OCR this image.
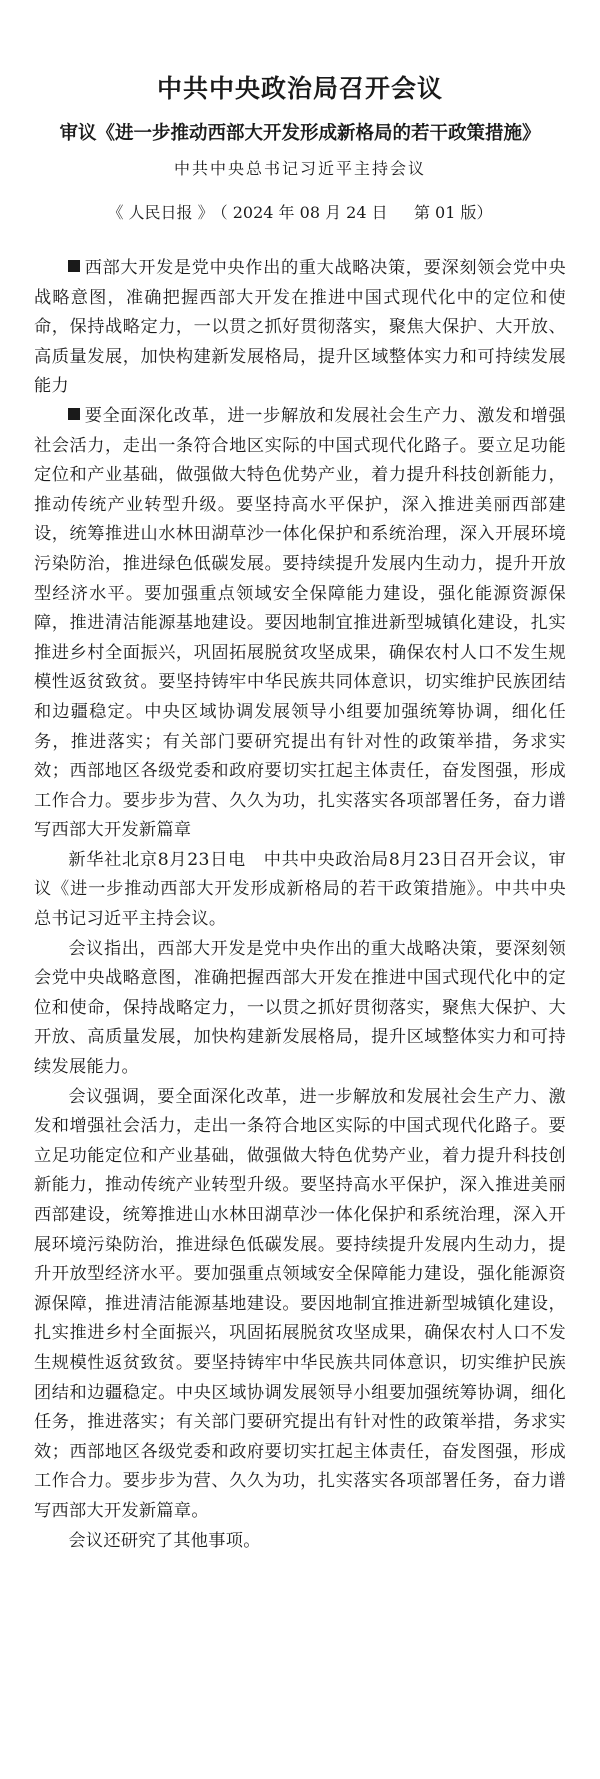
中共中央政治局召开会议
审议《进一步推动西部大开发形成新格局的若干政策措施》
中共中央总书记习近平主持会议
《 人民日报 》 （ 2024 年 08 月 24 日 第 01 版）

西部大开发是党中央作出的重大战略决策，要深刻领会党中央战略意图，准确把握西部大开发在推进中国式现代化中的定位和使命，保持战略定力，一以贯之抓好贯彻落实，聚焦大保护、大开放、高质量发展，加快构建新发展格局，提升区域整体实力和可持续发展能力

要全面深化改革，进一步解放和发展社会生产力、激发和增强社会活力，走出一条符合地区实际的中国式现代化路子。要立足功能定位和产业基础，做强做大特色优势产业，着力提升科技创新能力，推动传统产业转型升级。要坚持高水平保护，深入推进美丽西部建设，统筹推进山水林田湖草沙一体化保护和系统治理，深入开展环境污染防治，推进绿色低碳发展。要持续提升发展内生动力，提升开放型经济水平。要加强重点领域安全保障能力建设，强化能源资源保障，推进清洁能源基地建设。要因地制宜推进新型城镇化建设，扎实推进乡村全面振兴，巩固拓展脱贫攻坚成果，确保农村人口不发生规模性返贫致贫。要坚持铸牢中华民族共同体意识，切实维护民族团结和边疆稳定。中央区域协调发展领导小组要加强统筹协调，细化任务，推进落实；有关部门要研究提出有针对性的政策举措，务求实效；西部地区各级党委和政府要切实扛起主体责任，奋发图强，形成工作合力。要步步为营、久久为功，扎实落实各项部署任务，奋力谱写西部大开发新篇章

新华社北京8月23日电　中共中央政治局8月23日召开会议，审议《进一步推动西部大开发形成新格局的若干政策措施》。中共中央总书记习近平主持会议。

会议指出，西部大开发是党中央作出的重大战略决策，要深刻领会党中央战略意图，准确把握西部大开发在推进中国式现代化中的定位和使命，保持战略定力，一以贯之抓好贯彻落实，聚焦大保护、大开放、高质量发展，加快构建新发展格局，提升区域整体实力和可持续发展能力。

会议强调，要全面深化改革，进一步解放和发展社会生产力、激发和增强社会活力，走出一条符合地区实际的中国式现代化路子。要立足功能定位和产业基础，做强做大特色优势产业，着力提升科技创新能力，推动传统产业转型升级。要坚持高水平保护，深入推进美丽西部建设，统筹推进山水林田湖草沙一体化保护和系统治理，深入开展环境污染防治，推进绿色低碳发展。要持续提升发展内生动力，提升开放型经济水平。要加强重点领域安全保障能力建设，强化能源资源保障，推进清洁能源基地建设。要因地制宜推进新型城镇化建设，扎实推进乡村全面振兴，巩固拓展脱贫攻坚成果，确保农村人口不发生规模性返贫致贫。要坚持铸牢中华民族共同体意识，切实维护民族团结和边疆稳定。中央区域协调发展领导小组要加强统筹协调，细化任务，推进落实；有关部门要研究提出有针对性的政策举措，务求实效；西部地区各级党委和政府要切实扛起主体责任，奋发图强，形成工作合力。要步步为营、久久为功，扎实落实各项部署任务，奋力谱写西部大开发新篇章。

会议还研究了其他事项。
